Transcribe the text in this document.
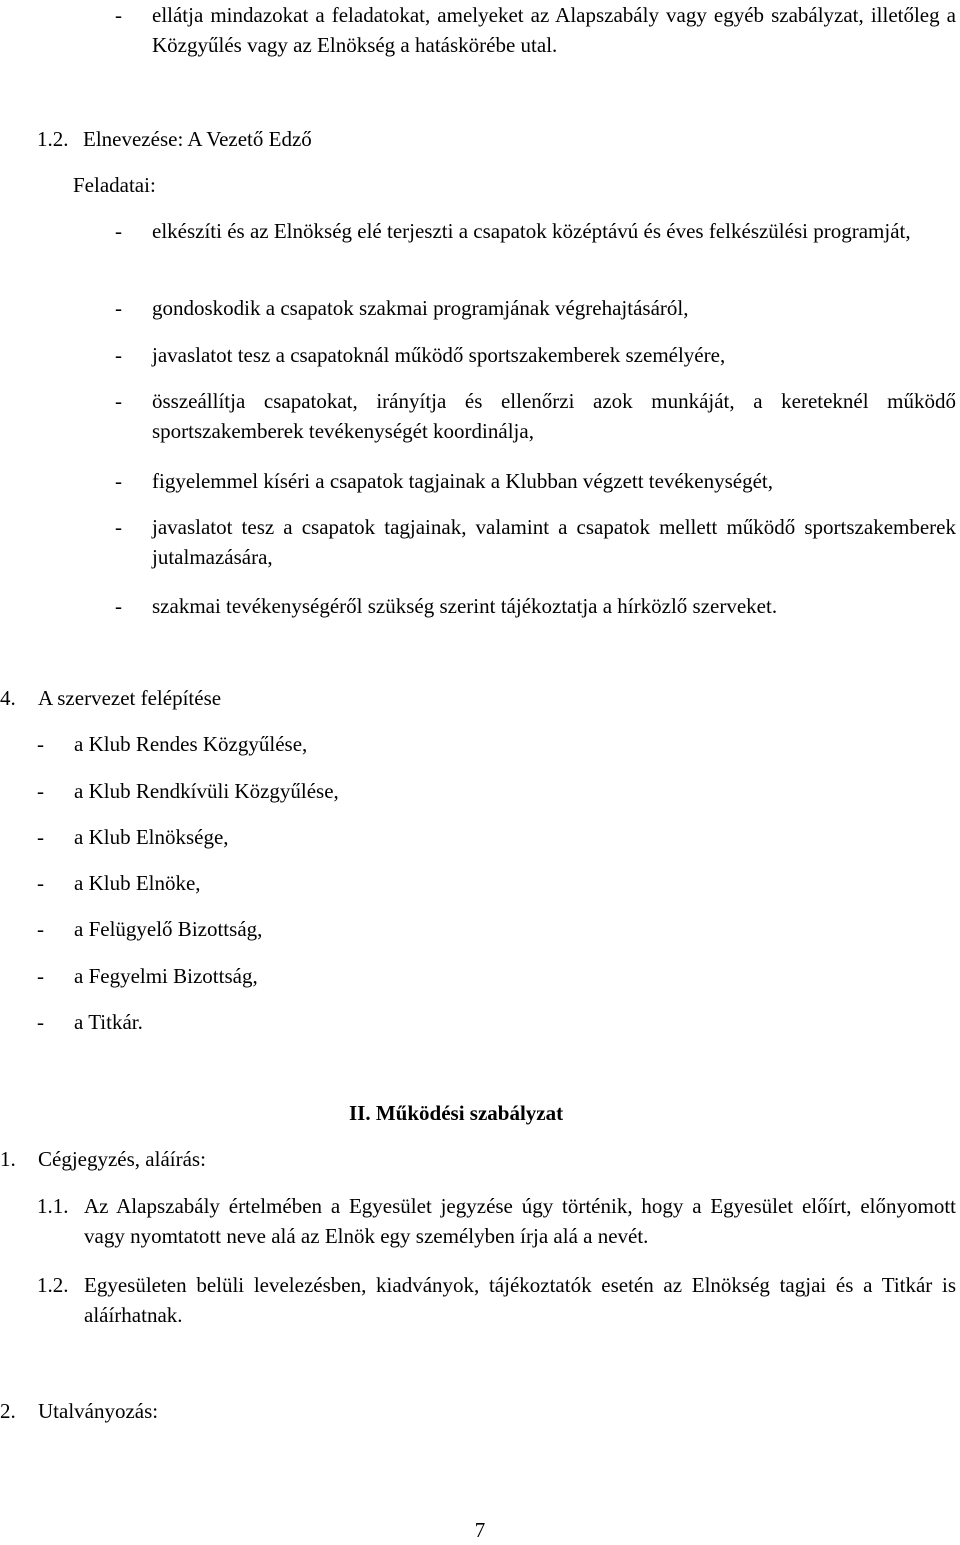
-	ellátja mindazokat a feladatokat, amelyeket az Alapszabály vagy egyéb szabályzat, illetőleg a Közgyűlés vagy az Elnökség a hatáskörébe utal.
1.2. Elnevezése: A Vezető Edző
Feladatai:
-	elkészíti és az Elnökség elé terjeszti a csapatok középtávú és éves felkészülési programját,
-	gondoskodik a csapatok szakmai programjának végrehajtásáról,
-	javaslatot tesz a csapatoknál működő sportszakemberek személyére,
-	összeállítja csapatokat, irányítja és ellenőrzi azok munkáját, a kereteknél működő sportszakemberek tevékenységét koordinálja,
-	figyelemmel kíséri a csapatok tagjainak a Klubban végzett tevékenységét,
-	javaslatot tesz a csapatok tagjainak, valamint a csapatok mellett működő sportszakemberek jutalmazására,
-	szakmai tevékenységéről szükség szerint tájékoztatja a hírközlő szerveket.
4. A szervezet felépítése
-	a Klub Rendes Közgyűlése,
-	a Klub Rendkívüli Közgyűlése,
-	a Klub Elnöksége,
-	a Klub Elnöke,
-	a Felügyelő Bizottság,
-	a Fegyelmi Bizottság,
-	a Titkár.
II. Működési szabályzat
1. Cégjegyzés, aláírás:
1.1. Az Alapszabály értelmében a Egyesület jegyzése úgy történik, hogy a Egyesület előírt, előnyomott vagy nyomtatott neve alá az Elnök egy személyben írja alá a nevét.
1.2. Egyesületen belüli levelezésben, kiadványok, tájékoztatók esetén az Elnökség tagjai és a Titkár is aláírhatnak.
2. Utalványozás:
7
